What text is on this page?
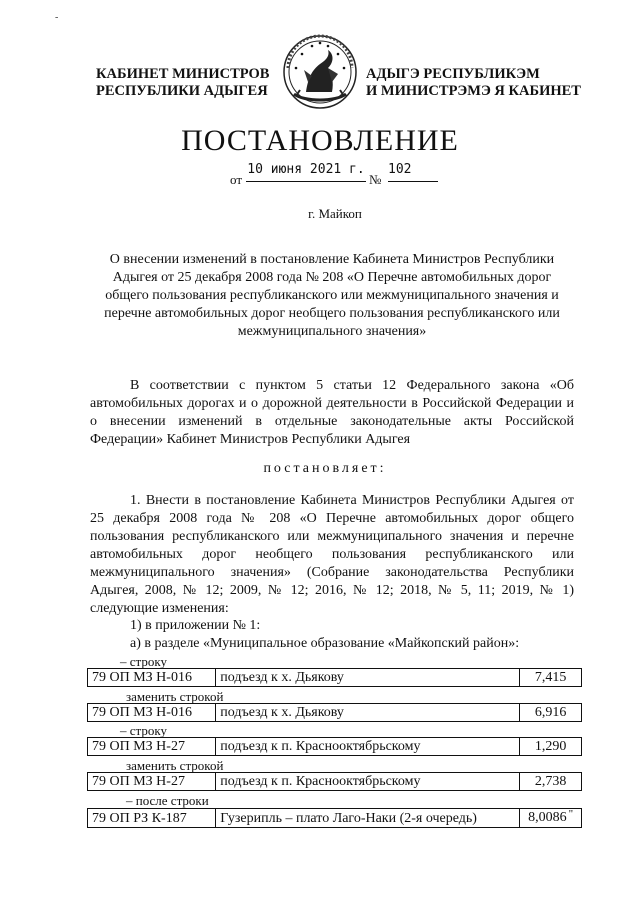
-
КАБИНЕТ МИНИСТРОВ
РЕСПУБЛИКИ АДЫГЕЯ
АДЫГЭ РЕСПУБЛИКЭМ
И МИНИСТРЭМЭ Я КАБИНЕТ
ПОСТАНОВЛЕНИЕ
от
10 июня 2021 г.
№
102
г. Майкоп
О внесении изменений в постановление Кабинета Министров Республики Адыгея от 25 декабря 2008 года № 208 «О Перечне автомобильных дорог общего пользования республиканского или межмуниципального значения и перечне автомобильных дорог необщего пользования республиканского или межмуниципального значения»
В соответствии с пунктом 5 статьи 12 Федерального закона «Об автомобильных дорогах и о дорожной деятельности в Российской Федерации и о внесении изменений в отдельные законодательные акты Российской Федерации» Кабинет Министров Республики Адыгея
постановляет:
1. Внести в постановление Кабинета Министров Республики Адыгея от 25 декабря 2008 года № 208 «О Перечне автомобильных дорог общего пользования республиканского или межмуниципального значения и перечне автомобильных дорог необщего пользования республиканского или межмуниципального значения» (Собрание законодательства Республики Адыгея, 2008, № 12; 2009, № 12; 2016, № 12; 2018, № 5, 11; 2019, № 1) следующие изменения:
1) в приложении № 1:
а) в разделе «Муниципальное образование «Майкопский район»:
– строку
79 ОП МЗ Н-016	подъезд к х. Дьякову	7,415
заменить строкой
79 ОП МЗ Н-016	подъезд к х. Дьякову	6,916
– строку
79 ОП МЗ Н-27	подъезд к п. Краснооктябрьскому	1,290
заменить строкой
79 ОП МЗ Н-27	подъезд к п. Краснооктябрьскому	2,738
– после строки
79 ОП РЗ К-187	Гузерипль – плато Лаго-Наки (2-я очередь)	8,0086 "
